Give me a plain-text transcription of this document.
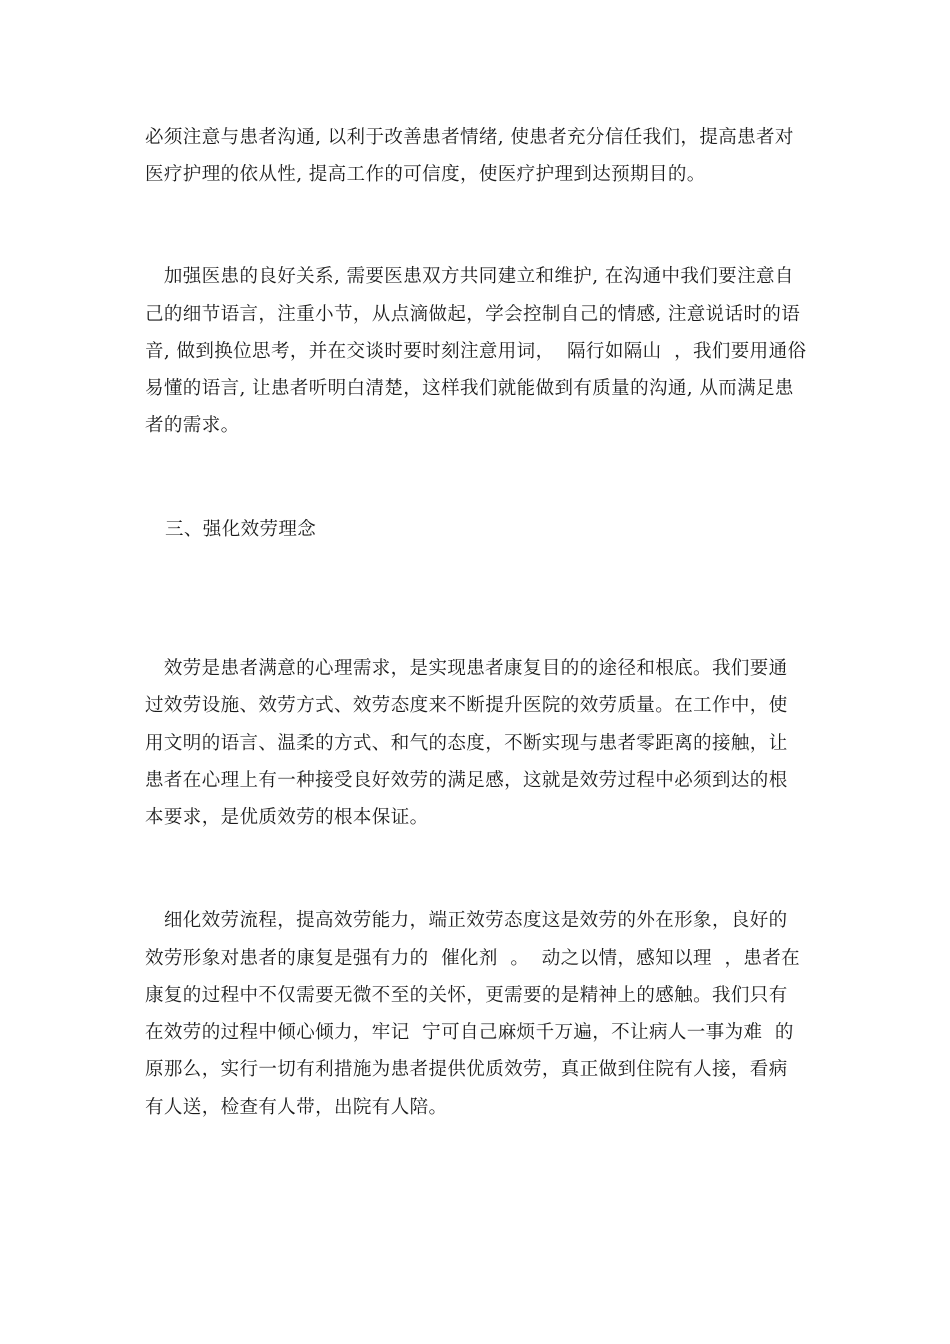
必须注意与患者沟通, 以利于改善患者情绪, 使患者充分信任我们，提高患者对
医疗护理的依从性, 提高工作的可信度，使医疗护理到达预期目的。
加强医患的良好关系, 需要医患双方共同建立和维护, 在沟通中我们要注意自
己的细节语言，注重小节，从点滴做起，学会控制自己的情感, 注意说话时的语
音, 做到换位思考，并在交谈时要时刻注意用词，  隔行如隔山  ，我们要用通俗
易懂的语言, 让患者听明白清楚，这样我们就能做到有质量的沟通, 从而满足患
者的需求。
三、强化效劳理念
效劳是患者满意的心理需求，是实现患者康复目的的途径和根底。我们要通
过效劳设施、效劳方式、效劳态度来不断提升医院的效劳质量。在工作中，使
用文明的语言、温柔的方式、和气的态度，不断实现与患者零距离的接触，让
患者在心理上有一种接受良好效劳的满足感，这就是效劳过程中必须到达的根
本要求，是优质效劳的根本保证。
细化效劳流程，提高效劳能力，端正效劳态度这是效劳的外在形象，良好的
效劳形象对患者的康复是强有力的  催化剂  。  动之以情，感知以理  ，患者在
康复的过程中不仅需要无微不至的关怀，更需要的是精神上的感触。我们只有
在效劳的过程中倾心倾力，牢记  宁可自己麻烦千万遍，不让病人一事为难  的
原那么，实行一切有利措施为患者提供优质效劳，真正做到住院有人接，看病
有人送，检查有人带，出院有人陪。
